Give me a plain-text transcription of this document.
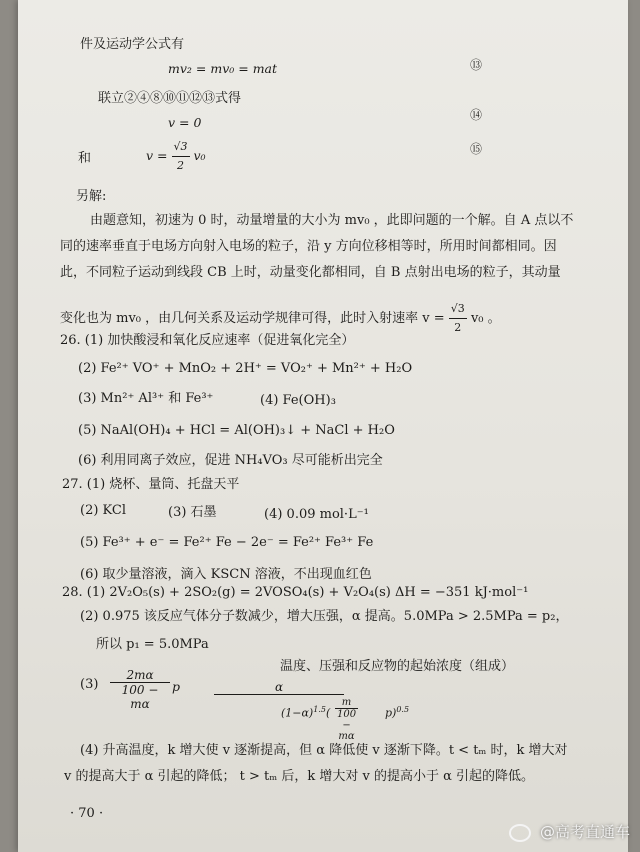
件及运动学公式有
mv₂ = mv₀ = mat	⑬
联立②④⑧⑩⑪⑫⑬式得
v = 0	⑭
和	$v = \frac{√3}{2} v_0$	⑮
另解:
由题意知，初速为 0 时，动量增量的大小为 mv₀ ，此即问题的一个解。自 A 点以不
同的速率垂直于电场方向射入电场的粒子，沿 y 方向位移相等时，所用时间都相同。因
此，不同粒子运动到线段 CB 上时，动量变化都相同，自 B 点射出电场的粒子，其动量
变化也为 mv₀ ，由几何关系及运动学规律可得，此时入射速率 $v = \frac{√3}{2} v_0$ 。
26. (1) 加快酸浸和氧化反应速率（促进氧化完全）
(2) Fe²⁺ VO⁺ + MnO₂ + 2H⁺ = VO₂⁺ + Mn²⁺ + H₂O
(3) Mn²⁺ Al³⁺ 和 Fe³⁺	(4) Fe(OH)₃
(5) NaAl(OH)₄ + HCl = Al(OH)₃↓ + NaCl + H₂O
(6) 利用同离子效应，促进 NH₄VO₃ 尽可能析出完全
27. (1) 烧杯、量筒、托盘天平
(2) KCl	(3) 石墨	(4) 0.09 mol·L⁻¹
(5) Fe³⁺ + e⁻ = Fe²⁺ Fe − 2e⁻ = Fe²⁺ Fe³⁺ Fe
(6) 取少量溶液，滴入 KSCN 溶液，不出现血红色
28. (1) 2V₂O₅(s) + 2SO₂(g) = 2VOSO₄(s) + V₂O₄(s) ΔH = −351 kJ·mol⁻¹
(2) 0.975 该反应气体分子数减少，增大压强，α 提高。5.0MPa > 2.5MPa = p₂，
所以 p₁ = 5.0MPa
温度、压强和反应物的起始浓度（组成）
$(3) \frac{2m\alpha}{100 - m\alpha}$ p	α
$(1-\alpha)^{1.5}( \frac{m}{100 - m\alpha} p)^{0.5}$
(4) 升高温度，k 增大使 v 逐渐提高，但 α 降低使 v 逐渐下降。t < tₘ 时，k 增大对
v 的提高大于 α 引起的降低； t > tₘ 后，k 增大对 v 的提高小于 α 引起的降低。
· 70 ·
@高考直通车
